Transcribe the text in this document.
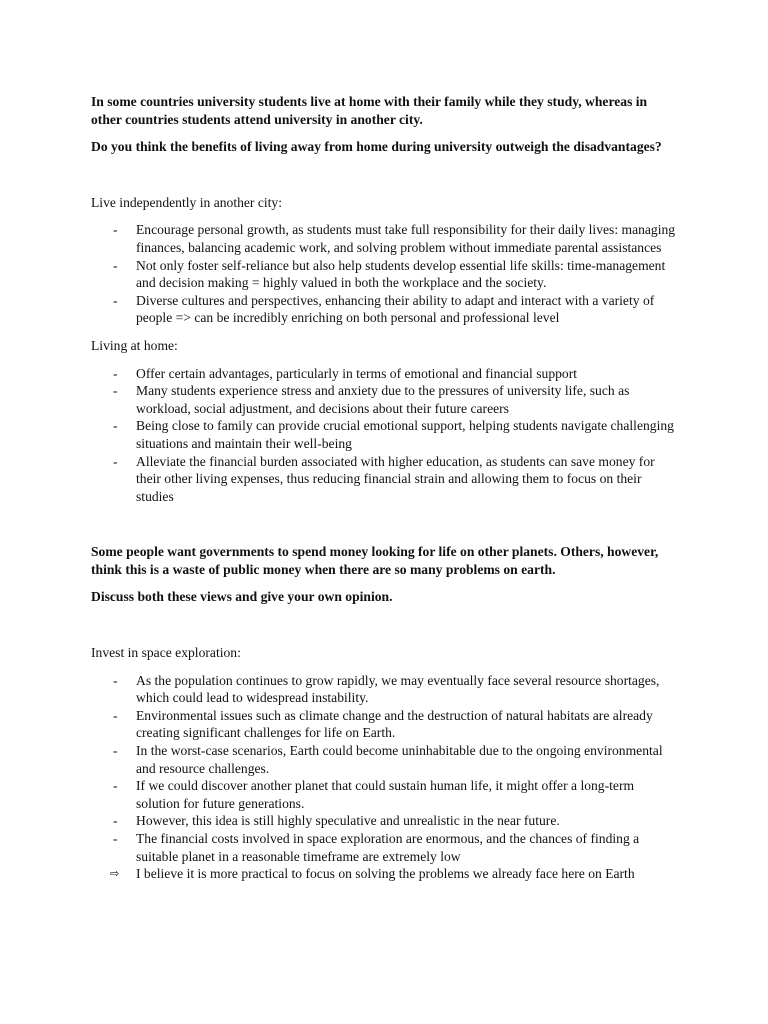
In some countries university students live at home with their family while they study, whereas in other countries students attend university in another city.

Do you think the benefits of living away from home during university outweigh the disadvantages?

Live independently in another city:

-	Encourage personal growth, as students must take full responsibility for their daily lives: managing finances, balancing academic work, and solving problem without immediate parental assistances
-	Not only foster self-reliance but also help students develop essential life skills: time-management and decision making = highly valued in both the workplace and the society.
-	Diverse cultures and perspectives, enhancing their ability to adapt and interact with a variety of people => can be incredibly enriching on both personal and professional level

Living at home:

-	Offer certain advantages, particularly in terms of emotional and financial support
-	Many students experience stress and anxiety due to the pressures of university life, such as workload, social adjustment, and decisions about their future careers
-	Being close to family can provide crucial emotional support, helping students navigate challenging situations and maintain their well-being
-	Alleviate the financial burden associated with higher education, as students can save money for their other living expenses, thus reducing financial strain and allowing them to focus on their studies

Some people want governments to spend money looking for life on other planets. Others, however, think this is a waste of public money when there are so many problems on earth.

Discuss both these views and give your own opinion.

Invest in space exploration:

-	As the population continues to grow rapidly, we may eventually face several resource shortages, which could lead to widespread instability.
-	Environmental issues such as climate change and the destruction of natural habitats are already creating significant challenges for life on Earth.
-	In the worst-case scenarios, Earth could become uninhabitable due to the ongoing environmental and resource challenges.
-	If we could discover another planet that could sustain human life, it might offer a long-term solution for future generations.
-	However, this idea is still highly speculative and unrealistic in the near future.
-	The financial costs involved in space exploration are enormous, and the chances of finding a suitable planet in a reasonable timeframe are extremely low
⇨	I believe it is more practical to focus on solving the problems we already face here on Earth
